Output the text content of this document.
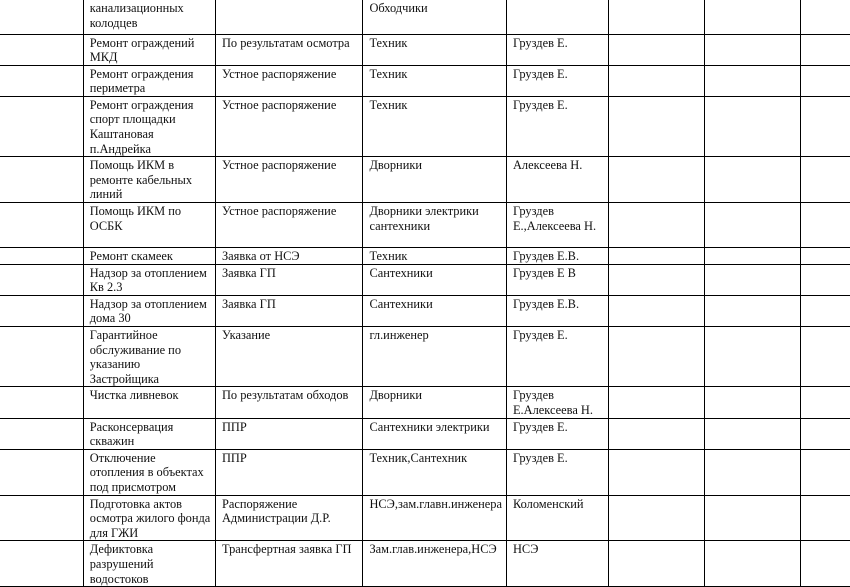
	канализационных колодцев		Обходчики				
	Ремонт ограждений МКД	По результатам осмотра	Техник	Груздев Е.			
	Ремонт ограждения периметра	Устное распоряжение	Техник	Груздев Е.			
	Ремонт ограждения спорт площадки Каштановая п.Андрейка	Устное распоряжение	Техник	Груздев Е.			
	Помощь ИКМ в ремонте кабельных линий	Устное распоряжение	Дворники	Алексеева Н.			
	Помощь ИКМ по ОСБК	Устное распоряжение	Дворники электрики сантехники	Груздев Е.,Алексеева Н.			
	Ремонт скамеек	Заявка от НСЭ	Техник	Груздев Е.В.			
	Надзор за отоплением Кв 2.3	Заявка ГП	Сантехники	Груздев Е В			
	Надзор за отоплением дома 30	Заявка ГП	Сантехники	Груздев Е.В.			
	Гарантийное обслуживание по указанию Застройщика	Указание	гл.инженер	Груздев Е.			
	Чистка ливневок	По результатам обходов	Дворники	Груздев Е.Алексеева Н.			
	Расконсервация скважин	ППР	Сантехники электрики	Груздев Е.			
	Отключение отопления в объектах под присмотром	ППР	Техник,Сантехник	Груздев Е.			
	Подготовка актов осмотра жилого фонда для ГЖИ	Распоряжение Администрации Д.Р.	НСЭ,зам.главн.инженера	Коломенский			
	Дефиктовка разрушений водостоков	Трансфертная заявка ГП	Зам.глав.инженера,НСЭ	НСЭ			
